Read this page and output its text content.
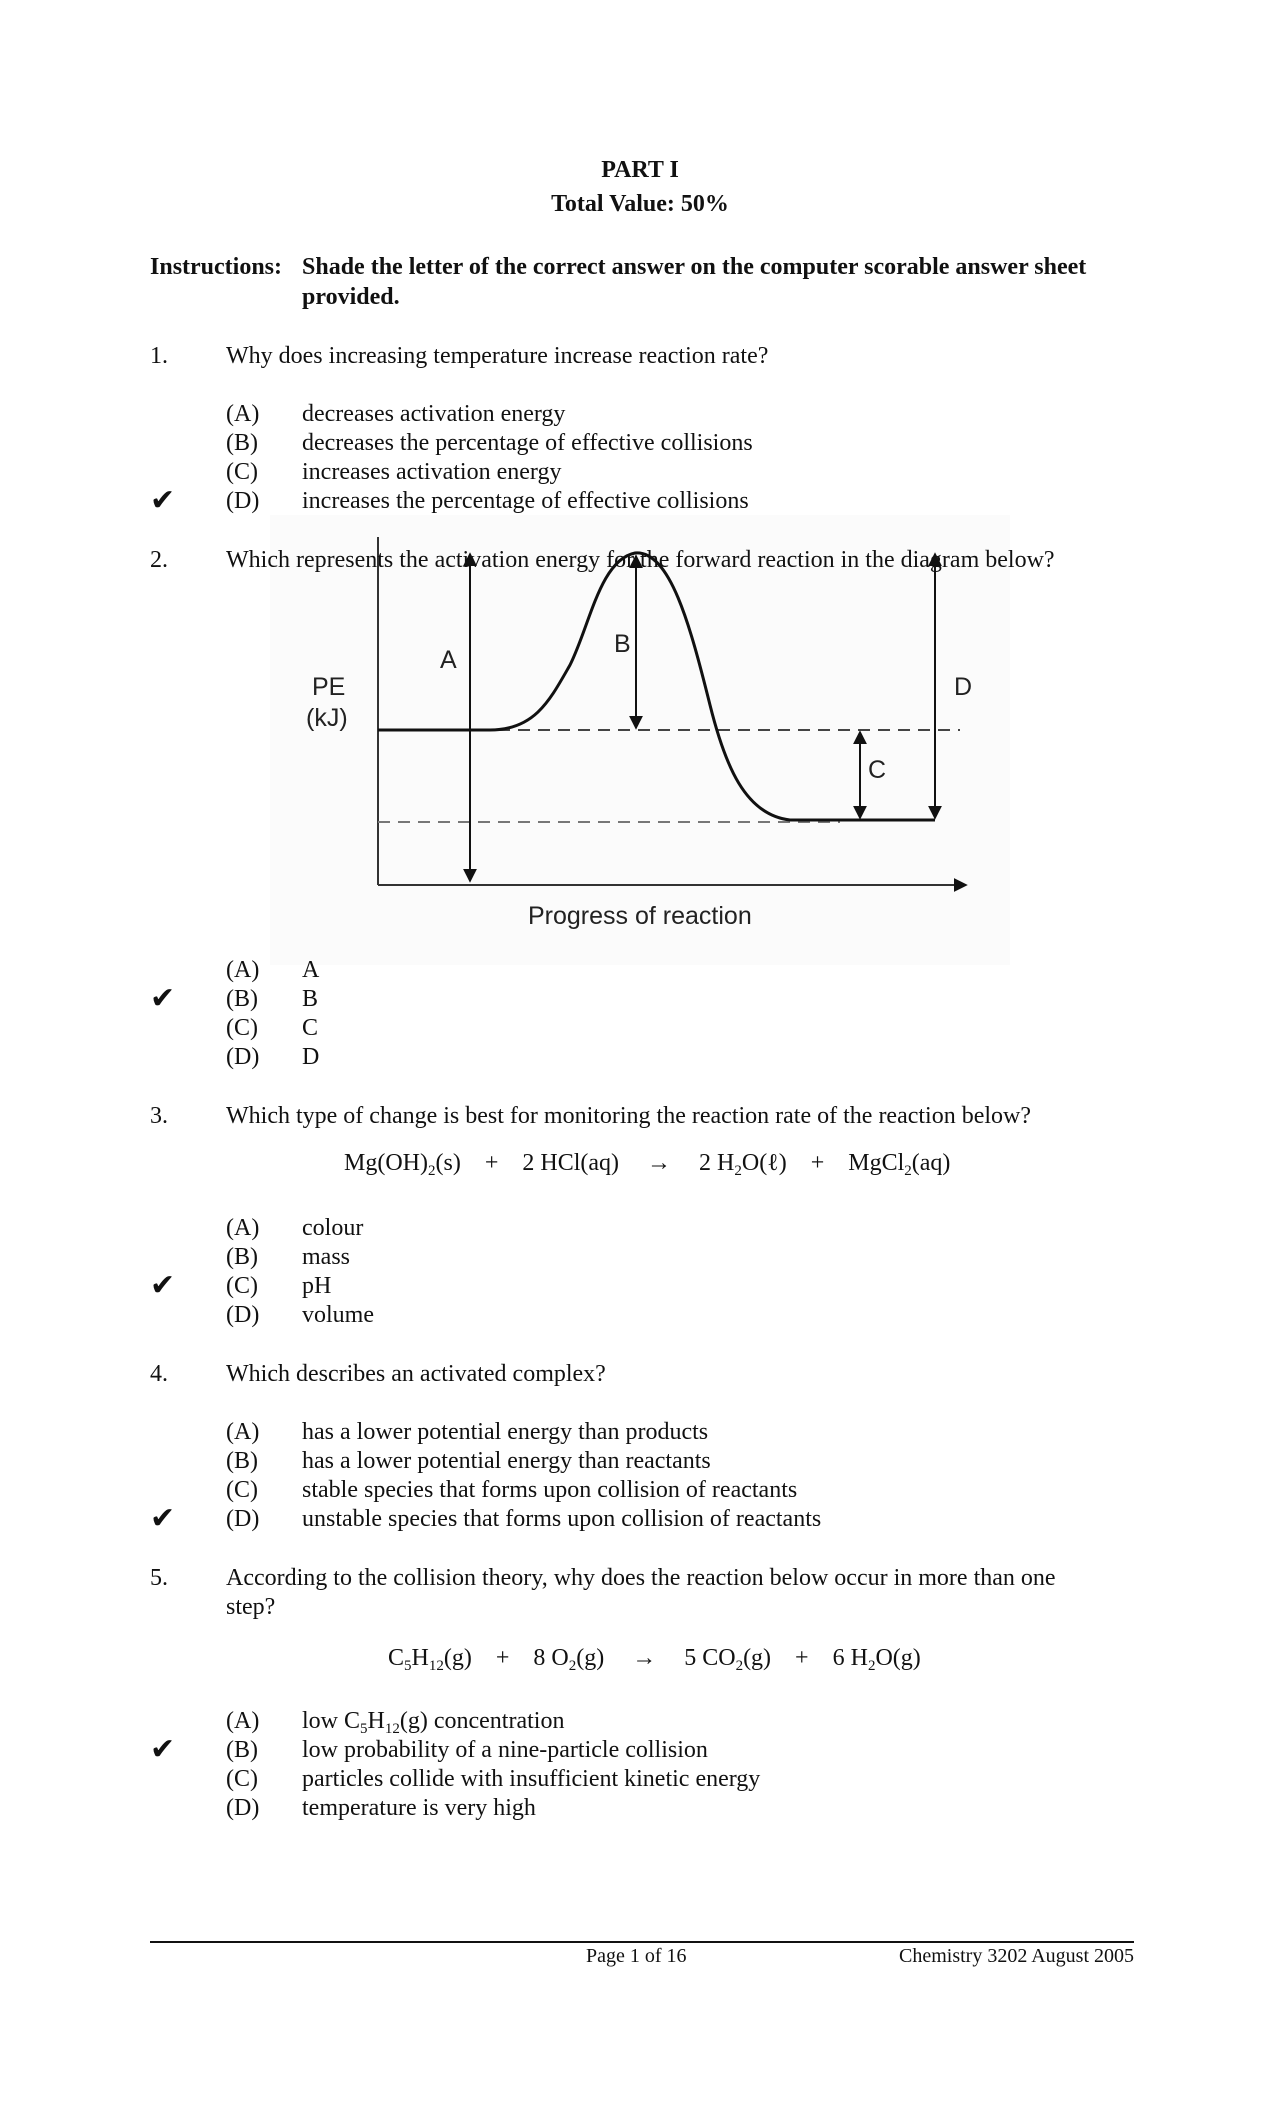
PART I
Total Value: 50%
Instructions: Shade the letter of the correct answer on the computer scorable answer sheet
provided.
1. Why does increasing temperature increase reaction rate?
(A) decreases activation energy
(B) decreases the percentage of effective collisions
(C) increases activation energy
✔ (D) increases the percentage of effective collisions
2.
A
B
C
D
PE
(kJ)
Progress of reaction
Which represents the activation energy for the forward reaction in the diagram below?
(A) A
✔ (B) B
(C) C
(D) D
3. Which type of change is best for monitoring the reaction rate of the reaction below?
$Mg(OH)_2(s) + 2$ HCl(aq) → 2 $H_2O(\ell)$ + MgCl$_2$(aq)
(A) colour
(B) mass
✔ (C) pH
(D) volume
4. Which describes an activated complex?
(A) has a lower potential energy than products
(B) has a lower potential energy than reactants
(C) stable species that forms upon collision of reactants
✔ (D) unstable species that forms upon collision of reactants
5. According to the collision theory, why does the reaction below occur in more than one
step?
$C_5H_{12}(g) + 8$ $O_2(g) \to 5$ $CO_2(g) + 6$ $H_2O(g)$
(A) low $C_5H_{12}(g)$ concentration
✔ (B) low probability of a nine-particle collision
(C) particles collide with insufficient kinetic energy
(D) temperature is very high
Page 1 of 16	Chemistry 3202 August 2005
